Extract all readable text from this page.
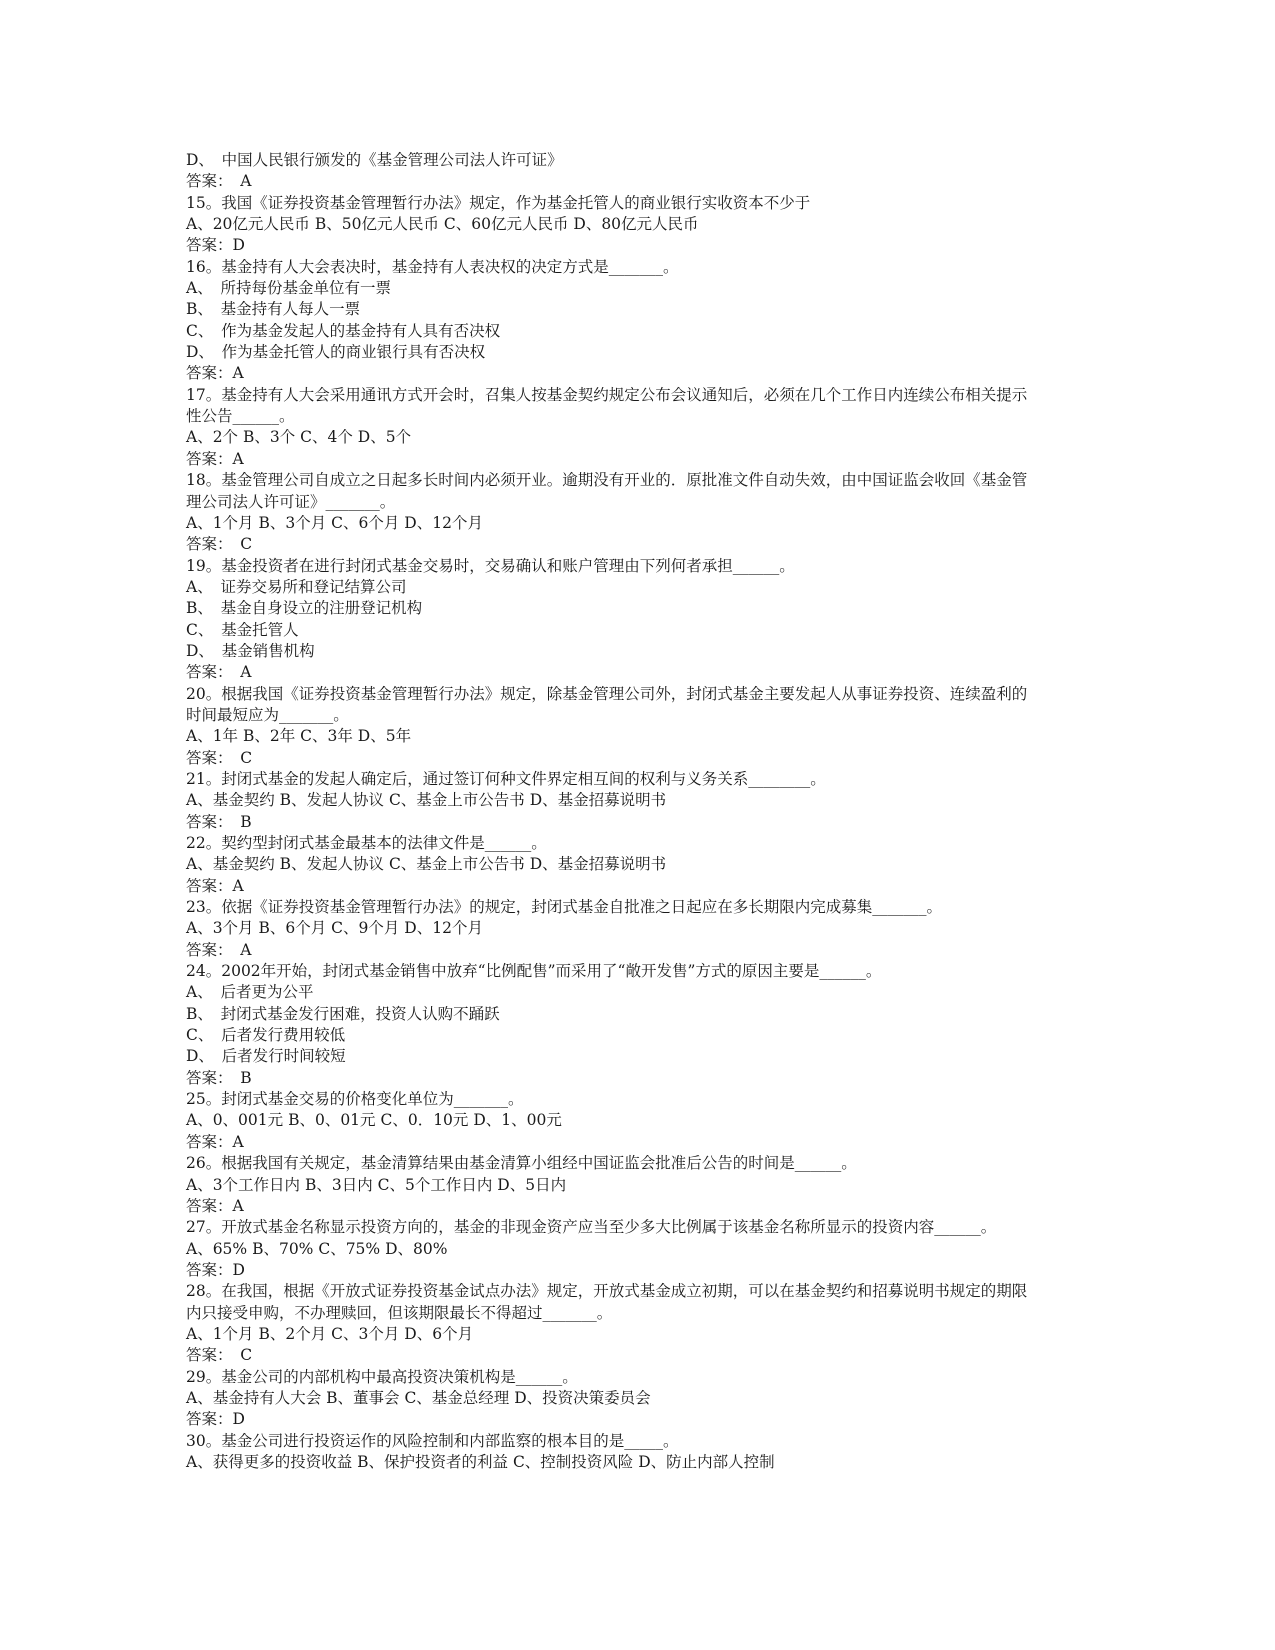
D、　中国人民银行颁发的《基金管理公司法人许可证》
答案：　A
15。我国《证券投资基金管理暂行办法》规定，作为基金托管人的商业银行实收资本不少于
A、20亿元人民币 B、50亿元人民币 C、60亿元人民币 D、80亿元人民币
答案：D
16。基金持有人大会表决时，基金持有人表决权的决定方式是_______。
A、　所持每份基金单位有一票
B、　基金持有人每人一票
C、　作为基金发起人的基金持有人具有否决权
D、　作为基金托管人的商业银行具有否决权
答案：A
17。基金持有人大会采用通讯方式开会时，召集人按基金契约规定公布会议通知后，必须在几个工作日内连续公布相关提示
性公告______。
A、2个 B、3个 C、4个 D、5个
答案：A
18。基金管理公司自成立之日起多长时间内必须开业。逾期没有开业的．原批准文件自动失效，由中国证监会收回《基金管
理公司法人许可证》_______。
A、1个月 B、3个月 C、6个月 D、12个月
答案：　C
19。基金投资者在进行封闭式基金交易时，交易确认和账户管理由下列何者承担______。
A、　证券交易所和登记结算公司
B、　基金自身设立的注册登记机构
C、　基金托管人
D、　基金销售机构
答案：　A
20。根据我国《证券投资基金管理暂行办法》规定，除基金管理公司外，封闭式基金主要发起人从事证券投资、连续盈利的
时间最短应为_______。
A、1年 B、2年 C、3年 D、5年
答案：　C
21。封闭式基金的发起人确定后，通过签订何种文件界定相互间的权利与义务关系________。
A、基金契约 B、发起人协议 C、基金上市公告书 D、基金招募说明书
答案：　B
22。契约型封闭式基金最基本的法律文件是______。
A、基金契约 B、发起人协议 C、基金上市公告书 D、基金招募说明书
答案：A
23。依据《证券投资基金管理暂行办法》的规定，封闭式基金自批准之日起应在多长期限内完成募集_______。
A、3个月 B、6个月 C、9个月 D、12个月
答案：　A
24。2002年开始，封闭式基金销售中放弃“比例配售”而采用了“敞开发售”方式的原因主要是______。
A、　后者更为公平
B、　封闭式基金发行困难，投资人认购不踊跃
C、　后者发行费用较低
D、　后者发行时间较短
答案：　B
25。封闭式基金交易的价格变化单位为_______。
A、0、001元 B、0、01元 C、0．10元 D、1、00元
答案：A
26。根据我国有关规定，基金清算结果由基金清算小组经中国证监会批准后公告的时间是______。
A、3个工作日内 B、3日内 C、5个工作日内 D、5日内
答案：A
27。开放式基金名称显示投资方向的，基金的非现金资产应当至少多大比例属于该基金名称所显示的投资内容______。
A、65% B、70% C、75% D、80%
答案：D
28。在我国，根据《开放式证券投资基金试点办法》规定，开放式基金成立初期，可以在基金契约和招募说明书规定的期限
内只接受申购，不办理赎回，但该期限最长不得超过_______。
A、1个月 B、2个月 C、3个月 D、6个月
答案：　C
29。基金公司的内部机构中最高投资决策机构是______。
A、基金持有人大会 B、董事会 C、基金总经理 D、投资决策委员会
答案：D
30。基金公司进行投资运作的风险控制和内部监察的根本目的是_____。
A、获得更多的投资收益 B、保护投资者的利益 C、控制投资风险 D、防止内部人控制
